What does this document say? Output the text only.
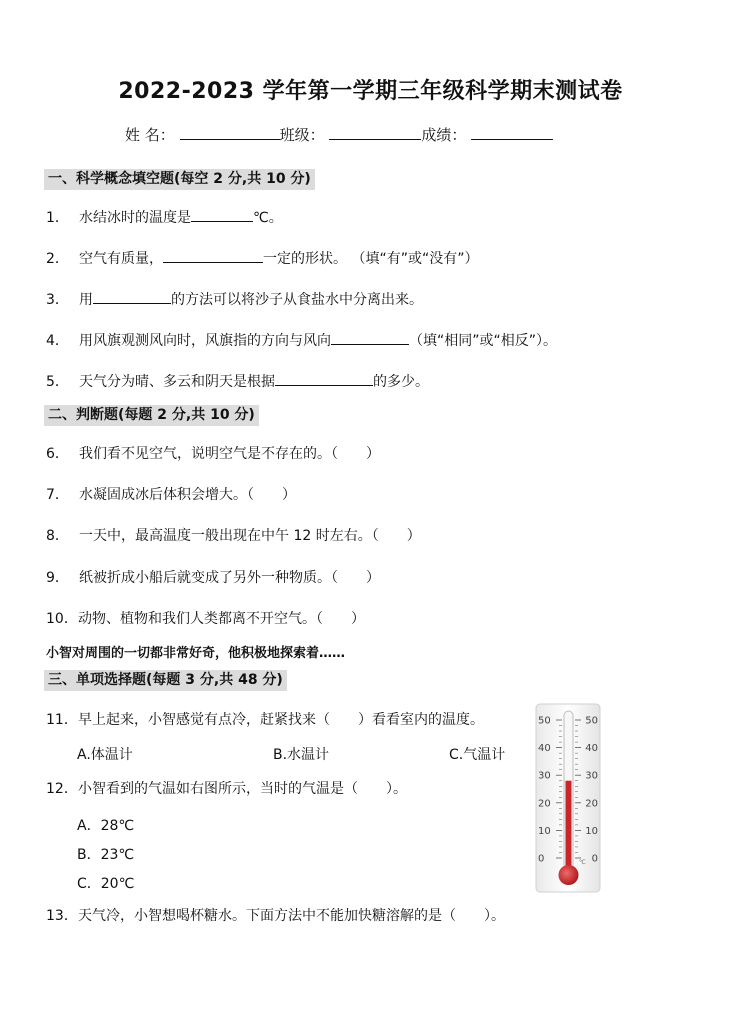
2022-2023 学年第一学期三年级科学期末测试卷
姓 名：	班级：	成绩：
一、科学概念填空题(每空 2 分,共 10 分)
1． 水结冰时的温度是	℃。
2． 空气有质量，	一定的形状。 （填“有”或“没有”）
3． 用	的方法可以将沙子从食盐水中分离出来。
4． 用风旗观测风向时，风旗指的方向与风向	（填“相同”或“相反”）。
5． 天气分为晴、多云和阴天是根据	的多少。
二、判断题(每题 2 分,共 10 分)
6． 我们看不见空气，说明空气是不存在的。（　　）
7． 水凝固成冰后体积会增大。（　　）
8． 一天中，最高温度一般出现在中午 12 时左右。（　　）
9． 纸被折成小船后就变成了另外一种物质。（　　）
10．动物、植物和我们人类都离不开空气。（　　）
小智对周围的一切都非常好奇，他积极地探索着……
三、单项选择题(每题 3 分,共 48 分)
11．早上起来，小智感觉有点冷，赶紧找来（　　）看看室内的温度。
A.体温计	B.水温计	C.气温计
12．小智看到的气温如右图所示，当时的气温是（　　）。
A．28℃
B．23℃
C．20℃
13．天气冷，小智想喝杯糖水。下面方法中不能加快糖溶解的是（　　）。
50	50
40	40
30	30
20	20
10	10
0	0
℃
